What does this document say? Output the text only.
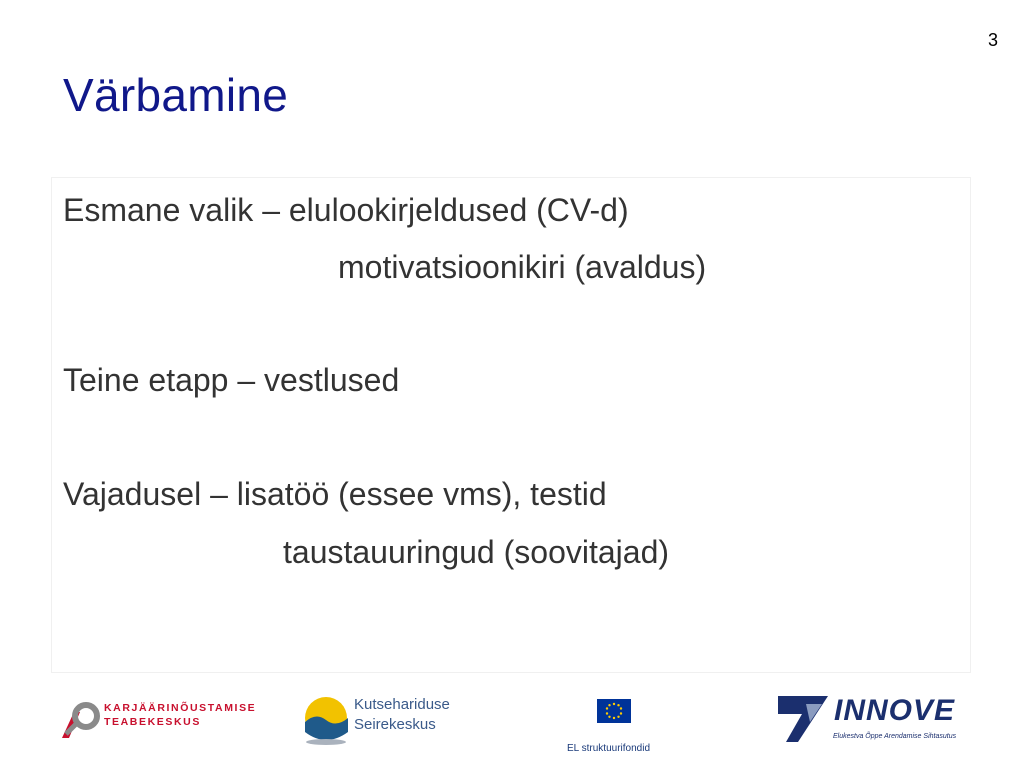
3
Värbamine
Esmane valik – elulookirjeldused (CV-d)
motivatsioonikiri (avaldus)
Teine etapp – vestlused
Vajadusel – lisatöö (essee vms), testid
taustauuringud (soovitajad)
KARJÄÄRINÕUSTAMISE
TEABEKESKUS
Kutsehariduse
Seirekeskus
EL struktuurifondid
INNOVE
Elukestva Õppe Arendamise Sihtasutus
